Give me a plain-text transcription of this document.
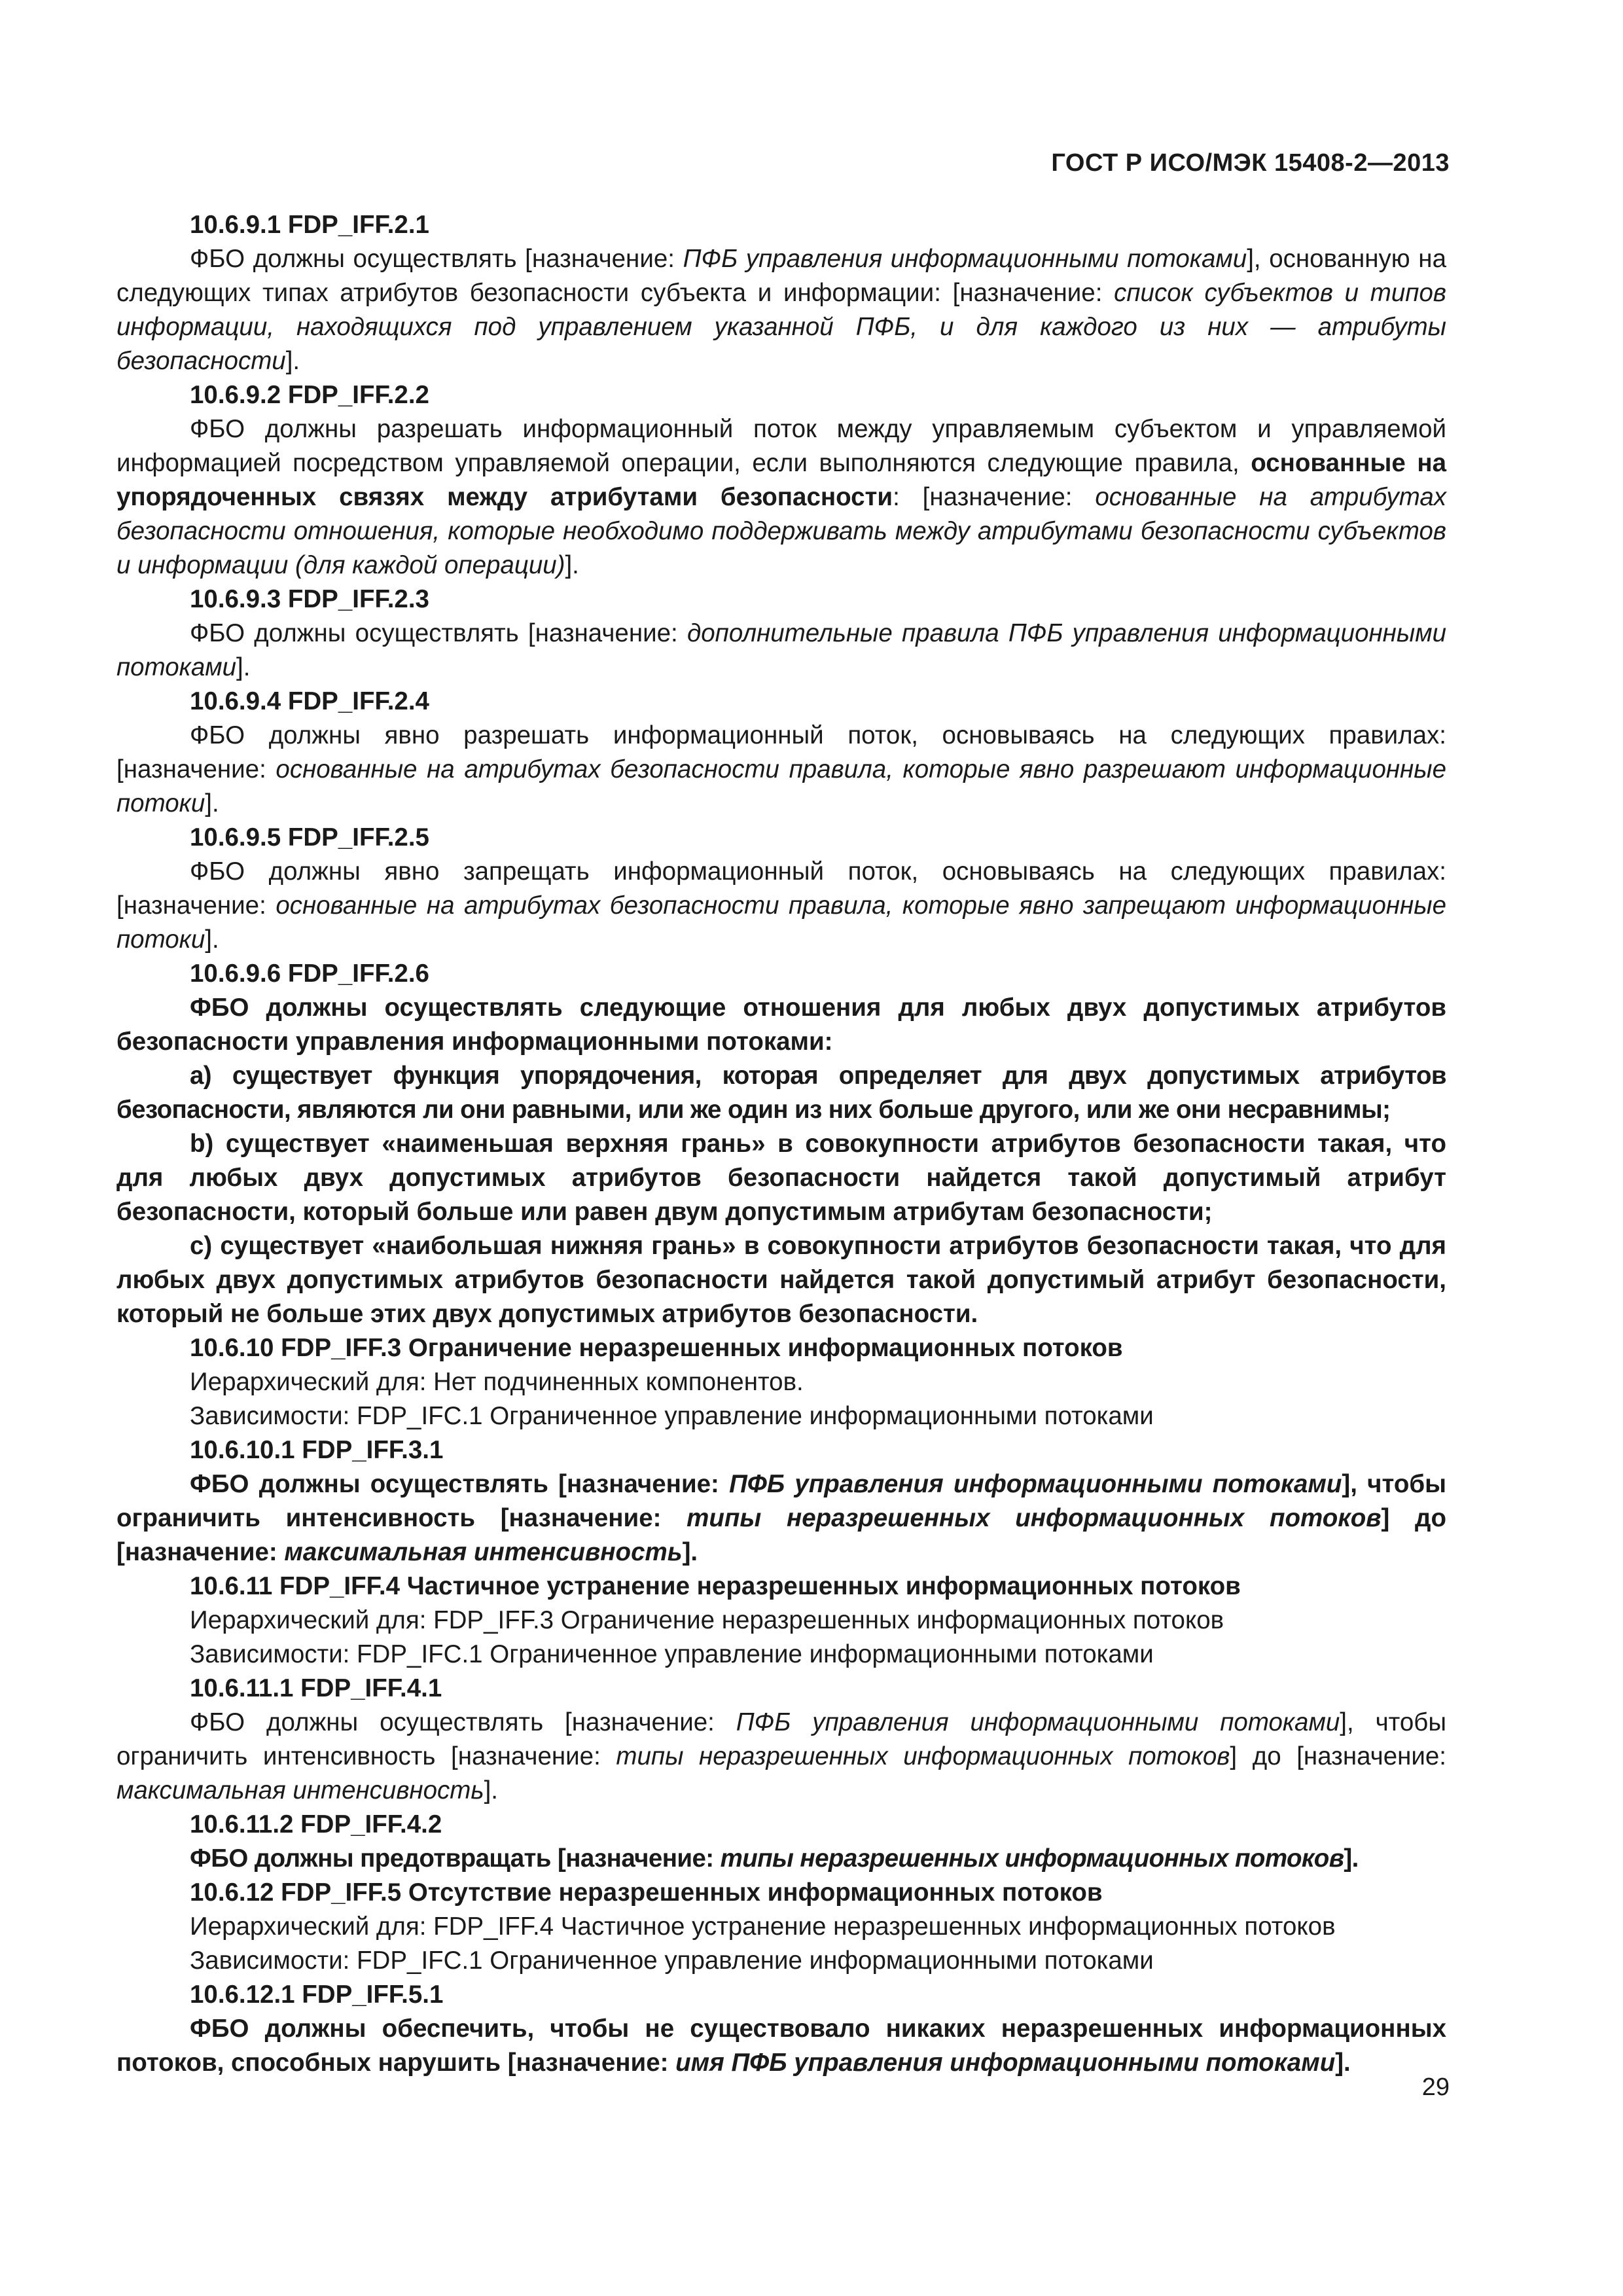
ГОСТ Р ИСО/МЭК 15408-2—2013

10.6.9.1 FDP_IFF.2.1

ФБО должны осуществлять [назначение: ПФБ управления информационными потоками], основанную на следующих типах атрибутов безопасности субъекта и информации: [назначение: список субъектов и типов информации, находящихся под управлением указанной ПФБ, и для каждого из них — атрибуты безопасности].

10.6.9.2 FDP_IFF.2.2

ФБО должны разрешать информационный поток между управляемым субъектом и управляемой информацией посредством управляемой операции, если выполняются следующие правила, основанные на упорядоченных связях между атрибутами безопасности: [назначение: основанные на атрибутах безопасности отношения, которые необходимо поддерживать между атрибутами безопасности субъектов и информации (для каждой операции)].

10.6.9.3 FDP_IFF.2.3

ФБО должны осуществлять [назначение: дополнительные правила ПФБ управления информационными потоками].

10.6.9.4 FDP_IFF.2.4

ФБО должны явно разрешать информационный поток, основываясь на следующих правилах: [назначение: основанные на атрибутах безопасности правила, которые явно разрешают информационные потоки].

10.6.9.5 FDP_IFF.2.5

ФБО должны явно запрещать информационный поток, основываясь на следующих правилах: [назначение: основанные на атрибутах безопасности правила, которые явно запрещают информационные потоки].

10.6.9.6 FDP_IFF.2.6

ФБО должны осуществлять следующие отношения для любых двух допустимых атрибутов безопасности управления информационными потоками:

a) существует функция упорядочения, которая определяет для двух допустимых атрибутов безопасности, являются ли они равными, или же один из них больше другого, или же они несравнимы;

b) существует «наименьшая верхняя грань» в совокупности атрибутов безопасности такая, что для любых двух допустимых атрибутов безопасности найдется такой допустимый атрибут безопасности, который больше или равен двум допустимым атрибутам безопасности;

c) существует «наибольшая нижняя грань» в совокупности атрибутов безопасности такая, что для любых двух допустимых атрибутов безопасности найдется такой допустимый атрибут безопасности, который не больше этих двух допустимых атрибутов безопасности.

10.6.10 FDP_IFF.3 Ограничение неразрешенных информационных потоков

Иерархический для: Нет подчиненных компонентов.

Зависимости: FDP_IFC.1 Ограниченное управление информационными потоками

10.6.10.1 FDP_IFF.3.1

ФБО должны осуществлять [назначение: ПФБ управления информационными потоками], чтобы ограничить интенсивность [назначение: типы неразрешенных информационных потоков] до [назначение: максимальная интенсивность].

10.6.11 FDP_IFF.4 Частичное устранение неразрешенных информационных потоков

Иерархический для: FDP_IFF.3 Ограничение неразрешенных информационных потоков

Зависимости: FDP_IFC.1 Ограниченное управление информационными потоками

10.6.11.1 FDP_IFF.4.1

ФБО должны осуществлять [назначение: ПФБ управления информационными потоками], чтобы ограничить интенсивность [назначение: типы неразрешенных информационных потоков] до [назначение: максимальная интенсивность].

10.6.11.2 FDP_IFF.4.2

ФБО должны предотвращать [назначение: типы неразрешенных информационных потоков].

10.6.12 FDP_IFF.5 Отсутствие неразрешенных информационных потоков

Иерархический для: FDP_IFF.4 Частичное устранение неразрешенных информационных потоков

Зависимости: FDP_IFC.1 Ограниченное управление информационными потоками

10.6.12.1 FDP_IFF.5.1

ФБО должны обеспечить, чтобы не существовало никаких неразрешенных информационных потоков, способных нарушить [назначение: имя ПФБ управления информационными потоками].

29
